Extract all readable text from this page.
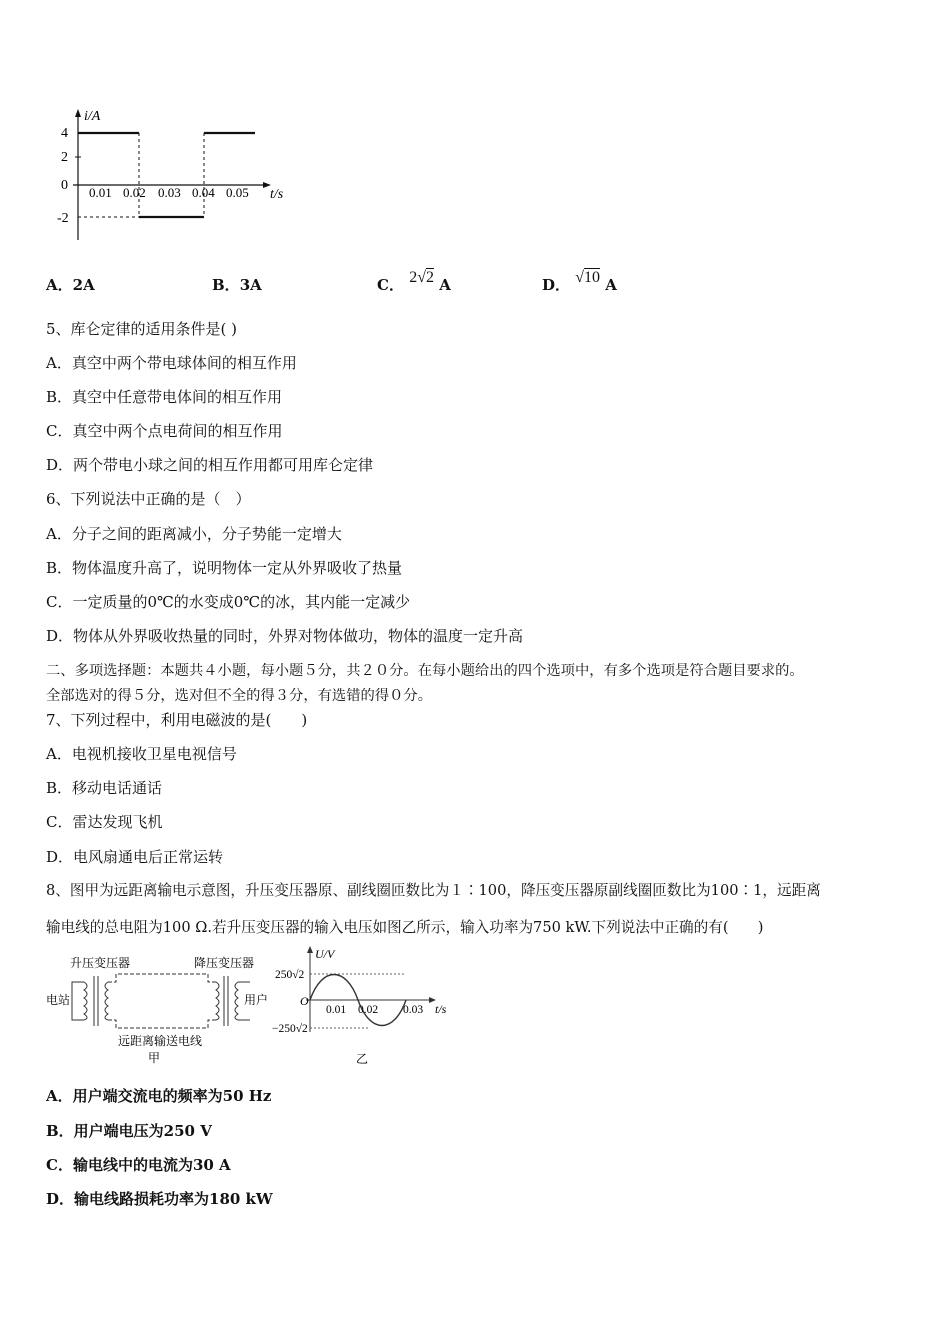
i/A
4
2
0
-2
0.01 0.02 0.03 0.04 0.05 t/s
A．2A	B．3A	C． 2√2 A	D． √10 A
5、库仑定律的适用条件是( )
A．真空中两个带电球体间的相互作用
B．真空中任意带电体间的相互作用
C．真空中两个点电荷间的相互作用
D．两个带电小球之间的相互作用都可用库仑定律
6、下列说法中正确的是（　）
A．分子之间的距离减小，分子势能一定增大
B．物体温度升高了，说明物体一定从外界吸收了热量
C．一定质量的0℃的水变成0℃的冰，其内能一定减少
D．物体从外界吸收热量的同时，外界对物体做功，物体的温度一定升高
二、多项选择题：本题共４小题，每小题５分，共２０分。在每小题给出的四个选项中，有多个选项是符合题目要求的。
全部选对的得５分，选对但不全的得３分，有选错的得０分。
7、下列过程中，利用电磁波的是(　　)
A．电视机接收卫星电视信号
B．移动电话通话
C．雷达发现飞机
D．电风扇通电后正常运转
8、图甲为远距离输电示意图，升压变压器原、副线圈匝数比为１∶100，降压变压器原副线圈匝数比为100∶1，远距离
输电线的总电阻为100 Ω.若升压变压器的输入电压如图乙所示，输入功率为750 kW.下列说法中正确的有(　　)
升压变压器	降压变压器
电站	用户
远距离输送电线
甲
U/V
250√2
O
−250√2
0.01 0.02 0.03 t/s
乙
A．用户端交流电的频率为50 Hz
B．用户端电压为250 V
C．输电线中的电流为30 A
D．输电线路损耗功率为180 kW
